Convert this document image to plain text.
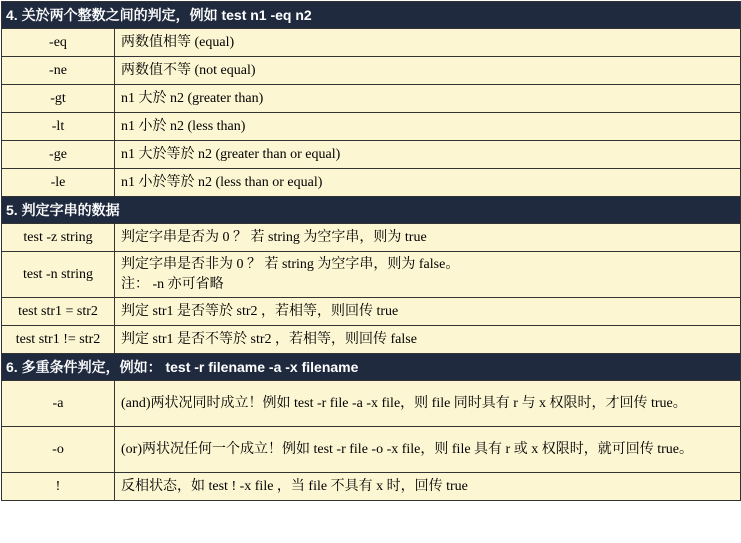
4. 关於两个整数之间的判定，例如 test n1 -eq n2	
-eq	两数值相等 (equal)
-ne	两数值不等 (not equal)
-gt	n1 大於 n2 (greater than)
-lt	n1 小於 n2 (less than)
-ge	n1 大於等於 n2 (greater than or equal)
-le	n1 小於等於 n2 (less than or equal)
5. 判定字串的数据	
test -z string	判定字串是否为 0 ？ 若 string 为空字串，则为 true
test -n string	判定字串是否非为 0 ？ 若 string 为空字串，则为 false。
注： -n 亦可省略

test str1 = str2	判定 str1 是否等於 str2 ，若相等，则回传 true
test str1 != str2	判定 str1 是否不等於 str2 ，若相等，则回传 false
6. 多重条件判定，例如： test -r filename -a -x filename	
-a	(and)两状况同时成立！例如 test -r file -a -x file，则 file 同时具有 r 与 x 权限时，才回传 true。
-o	(or)两状况任何一个成立！例如 test -r file -o -x file，则 file 具有 r 或 x 权限时，就可回传 true。
!	反相状态，如 test ! -x file ，当 file 不具有 x 时，回传 true
